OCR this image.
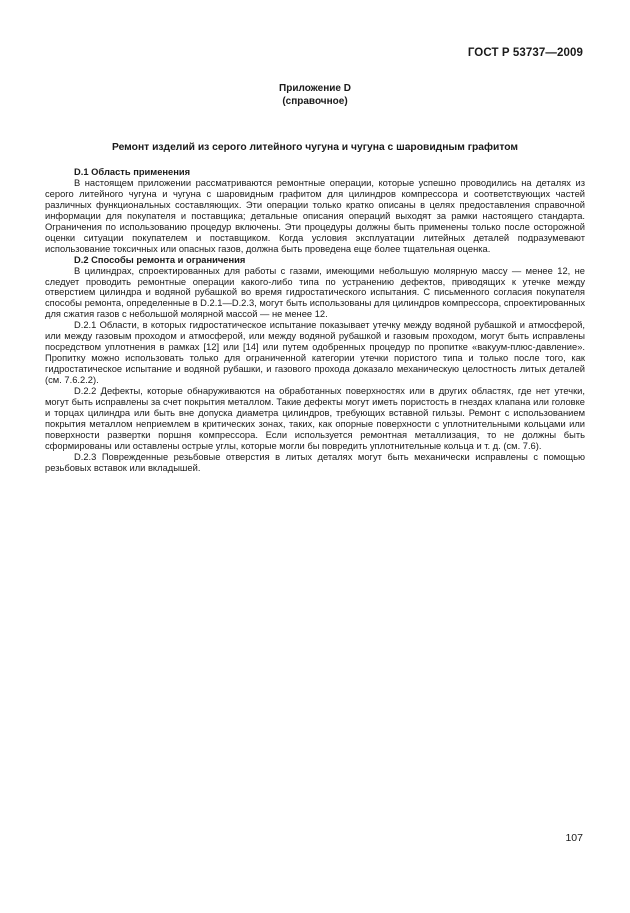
ГОСТ Р 53737—2009
Приложение D
(справочное)
Ремонт изделий из серого литейного чугуна и чугуна с шаровидным графитом
D.1 Область применения

В настоящем приложении рассматриваются ремонтные операции, которые успешно проводились на деталях из серого литейного чугуна и чугуна с шаровидным графитом для цилиндров компрессора и соответствующих частей различных функциональных составляющих. Эти операции только кратко описаны в целях предоставления справочной информации для покупателя и поставщика; детальные описания операций выходят за рамки настоящего стандарта. Ограничения по использованию процедур включены. Эти процедуры должны быть применены только после осторожной оценки ситуации покупателем и поставщиком. Когда условия эксплуатации литейных деталей подразумевают использование токсичных или опасных газов, должна быть проведена еще более тщательная оценка.

D.2 Способы ремонта и ограничения

В цилиндрах, спроектированных для работы с газами, имеющими небольшую молярную массу — менее 12, не следует проводить ремонтные операции какого-либо типа по устранению дефектов, приводящих к утечке между отверстием цилиндра и водяной рубашкой во время гидростатического испытания. С письменного согласия покупателя способы ремонта, определенные в D.2.1—D.2.3, могут быть использованы для цилиндров компрессора, спроектированных для сжатия газов с небольшой молярной массой — не менее 12.

D.2.1 Области, в которых гидростатическое испытание показывает утечку между водяной рубашкой и атмосферой, или между газовым проходом и атмосферой, или между водяной рубашкой и газовым проходом, могут быть исправлены посредством уплотнения в рамках [12] или [14] или путем одобренных процедур по пропитке «вакуум-плюс-давление». Пропитку можно использовать только для ограниченной категории утечки пористого типа и только после того, как гидростатическое испытание и водяной рубашки, и газового прохода доказало механическую целостность литых деталей (см. 7.6.2.2).

D.2.2 Дефекты, которые обнаруживаются на обработанных поверхностях или в других областях, где нет утечки, могут быть исправлены за счет покрытия металлом. Такие дефекты могут иметь пористость в гнездах клапана или головке и торцах цилиндра или быть вне допуска диаметра цилиндров, требующих вставной гильзы. Ремонт с использованием покрытия металлом неприемлем в критических зонах, таких, как опорные поверхности с уплотнительными кольцами или поверхности развертки поршня компрессора. Если используется ремонтная металлизация, то не должны быть сформированы или оставлены острые углы, которые могли бы повредить уплотнительные кольца и т. д. (см. 7.6).

D.2.3 Поврежденные резьбовые отверстия в литых деталях могут быть механически исправлены с помощью резьбовых вставок или вкладышей.

107
